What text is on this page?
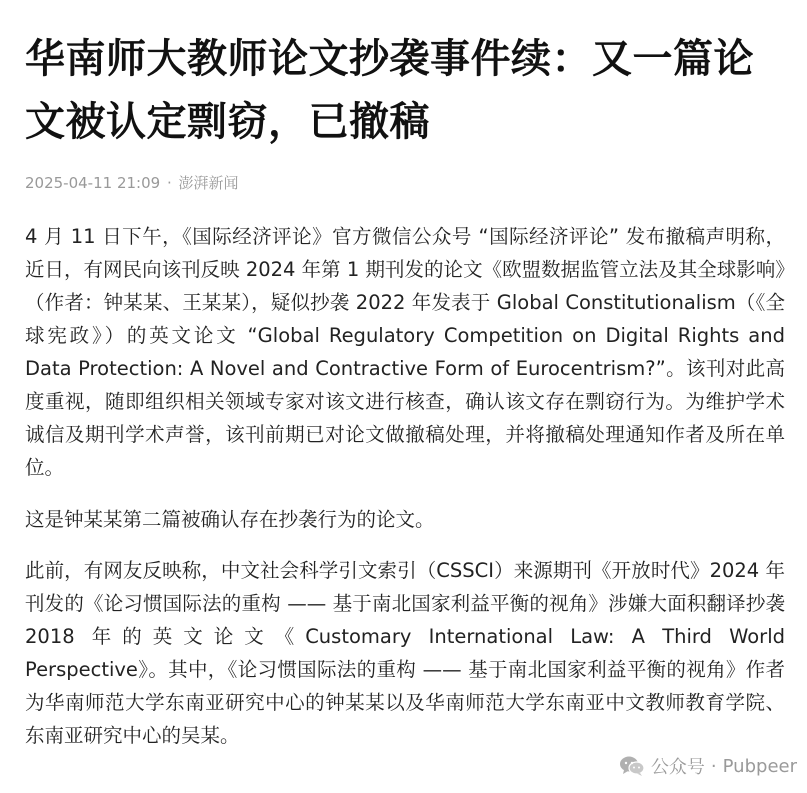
华南师大教师论文抄袭事件续：又一篇论文被认定剽窃，已撤稿
2025-04-11 21:09 · 澎湃新闻

4 月 11 日下午，《国际经济评论》官方微信公众号 “国际经济评论” 发布撤稿声明称，近日，有网民向该刊反映 2024 年第 1 期刊发的论文《欧盟数据监管立法及其全球影响》（作者：钟某某、王某某），疑似抄袭 2022 年发表于 Global Constitutionalism（《全球宪政》）的英文论文 “Global Regulatory Competition on Digital Rights and Data Protection: A Novel and Contractive Form of Eurocentrism?”。该刊对此高度重视，随即组织相关领域专家对该文进行核查，确认该文存在剽窃行为。为维护学术诚信及期刊学术声誉，该刊前期已对论文做撤稿处理，并将撤稿处理通知作者及所在单位。

这是钟某某第二篇被确认存在抄袭行为的论文。

此前，有网友反映称，中文社会科学引文索引（CSSCI）来源期刊《开放时代》2024 年刊发的《论习惯国际法的重构 —— 基于南北国家利益平衡的视角》涉嫌大面积翻译抄袭 2018 年的英文论文《Customary International Law: A Third World Perspective》。其中，《论习惯国际法的重构 —— 基于南北国家利益平衡的视角》作者为华南师范大学东南亚研究中心的钟某某以及华南师范大学东南亚中文教师教育学院、东南亚研究中心的吴某。

公众号 · Pubpeer
